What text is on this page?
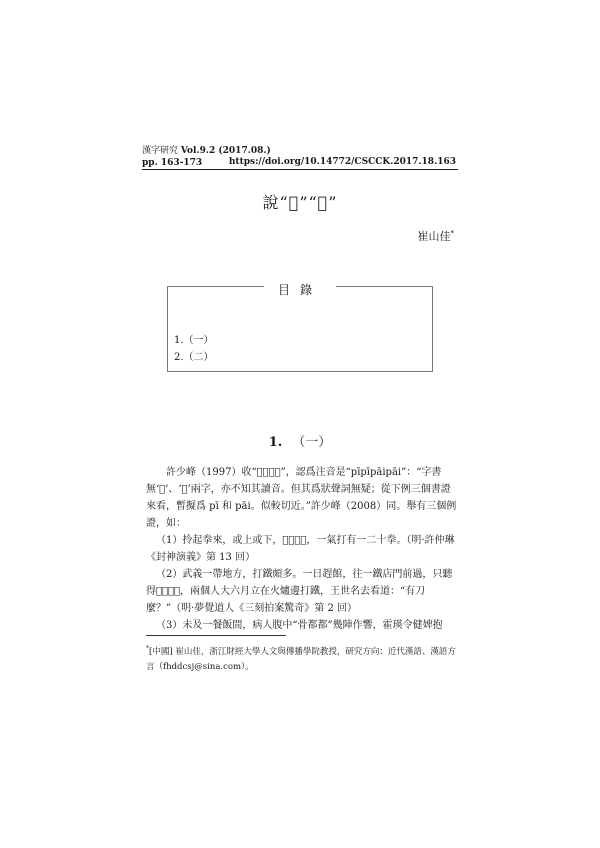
漢字研究 Vol.9.2 (2017.08.)
pp. 163-173	https://doi.org/10.14772/CSCCK.2017.18.163
說“𠮧”“𠮦”
崔山佳*
目錄
1.（一）
2.（二）
1. （一）
許少峰（1997）收“𠮧𠮧𠮦𠮦”，認爲注音是“pīpīpāipāi”：“字書無‘𠮧’、‘𠮦’兩字，亦不知其讀音。但其爲狀聲詞無疑；從下例三個書證來看，暫擬爲 pī 和 pāi。似較切近。”許少峰（2008）同。舉有三個例證，如：
（1）拎起拳來，或上或下，𠮧𠮧𠮦𠮦，一氣打有一二十拳。（明·許仲琳《封神演義》第 13 回）
（2）武義一帶地方，打鐵頗多。一日趕館，往一鐵店門前過，只聽得𠮧𠮧𠮦𠮦，兩個人大六月立在火爐邊打鐵，王世名去看道：“有刀麼？”（明·夢覺道人《三刻拍案驚奇》第 2 回）
（3）未及一餐飯間，病人腹中“骨都都”幾陣作響，霍瑛令健婢抱
*[中國] 崔山佳，浙江財經大學人文與傳播學院教授，研究方向：近代漢語、漢語方言（fhddcsj@sina.com）。
